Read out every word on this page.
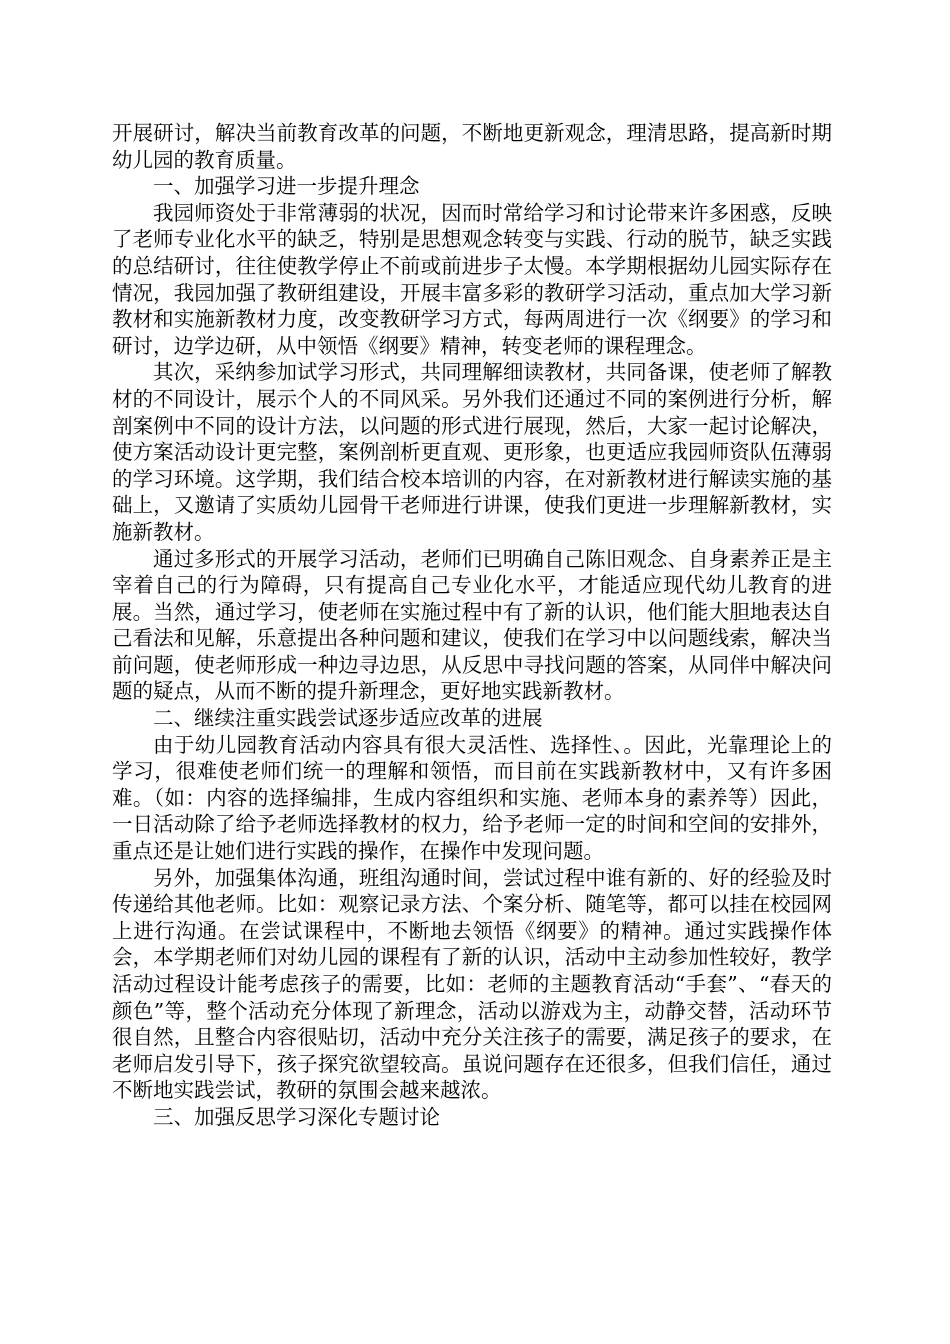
开展研讨，解决当前教育改革的问题，不断地更新观念，理清思路，提高新时期幼儿园的教育质量。

一、加强学习进一步提升理念

我园师资处于非常薄弱的状况，因而时常给学习和讨论带来许多困惑，反映了老师专业化水平的缺乏，特别是思想观念转变与实践、行动的脱节，缺乏实践的总结研讨，往往使教学停止不前或前进步子太慢。本学期根据幼儿园实际存在情况，我园加强了教研组建设，开展丰富多彩的教研学习活动，重点加大学习新教材和实施新教材力度，改变教研学习方式，每两周进行一次《纲要》的学习和研讨，边学边研，从中领悟《纲要》精神，转变老师的课程理念。

其次，采纳参加试学习形式，共同理解细读教材，共同备课，使老师了解教材的不同设计，展示个人的不同风采。另外我们还通过不同的案例进行分析，解剖案例中不同的设计方法，以问题的形式进行展现，然后，大家一起讨论解决，使方案活动设计更完整，案例剖析更直观、更形象，也更适应我园师资队伍薄弱的学习环境。这学期，我们结合校本培训的内容，在对新教材进行解读实施的基础上，又邀请了实质幼儿园骨干老师进行讲课，使我们更进一步理解新教材，实施新教材。

通过多形式的开展学习活动，老师们已明确自己陈旧观念、自身素养正是主宰着自己的行为障碍，只有提高自己专业化水平，才能适应现代幼儿教育的进展。当然，通过学习，使老师在实施过程中有了新的认识，他们能大胆地表达自己看法和见解，乐意提出各种问题和建议，使我们在学习中以问题线索，解决当前问题，使老师形成一种边寻边思，从反思中寻找问题的答案，从同伴中解决问题的疑点，从而不断的提升新理念，更好地实践新教材。

二、继续注重实践尝试逐步适应改革的进展

由于幼儿园教育活动内容具有很大灵活性、选择性、。因此，光靠理论上的学习，很难使老师们统一的理解和领悟，而目前在实践新教材中，又有许多困难。（如：内容的选择编排，生成内容组织和实施、老师本身的素养等）因此，一日活动除了给予老师选择教材的权力，给予老师一定的时间和空间的安排外，重点还是让她们进行实践的操作，在操作中发现问题。

另外，加强集体沟通，班组沟通时间，尝试过程中谁有新的、好的经验及时传递给其他老师。比如：观察记录方法、个案分析、随笔等，都可以挂在校园网上进行沟通。在尝试课程中，不断地去领悟《纲要》的精神。通过实践操作体会，本学期老师们对幼儿园的课程有了新的认识，活动中主动参加性较好，教学活动过程设计能考虑孩子的需要，比如：老师的主题教育活动“手套”、“春天的颜色”等，整个活动充分体现了新理念，活动以游戏为主，动静交替，活动环节很自然，且整合内容很贴切，活动中充分关注孩子的需要，满足孩子的要求，在老师启发引导下，孩子探究欲望较高。虽说问题存在还很多，但我们信任，通过不断地实践尝试，教研的氛围会越来越浓。

三、加强反思学习深化专题讨论
